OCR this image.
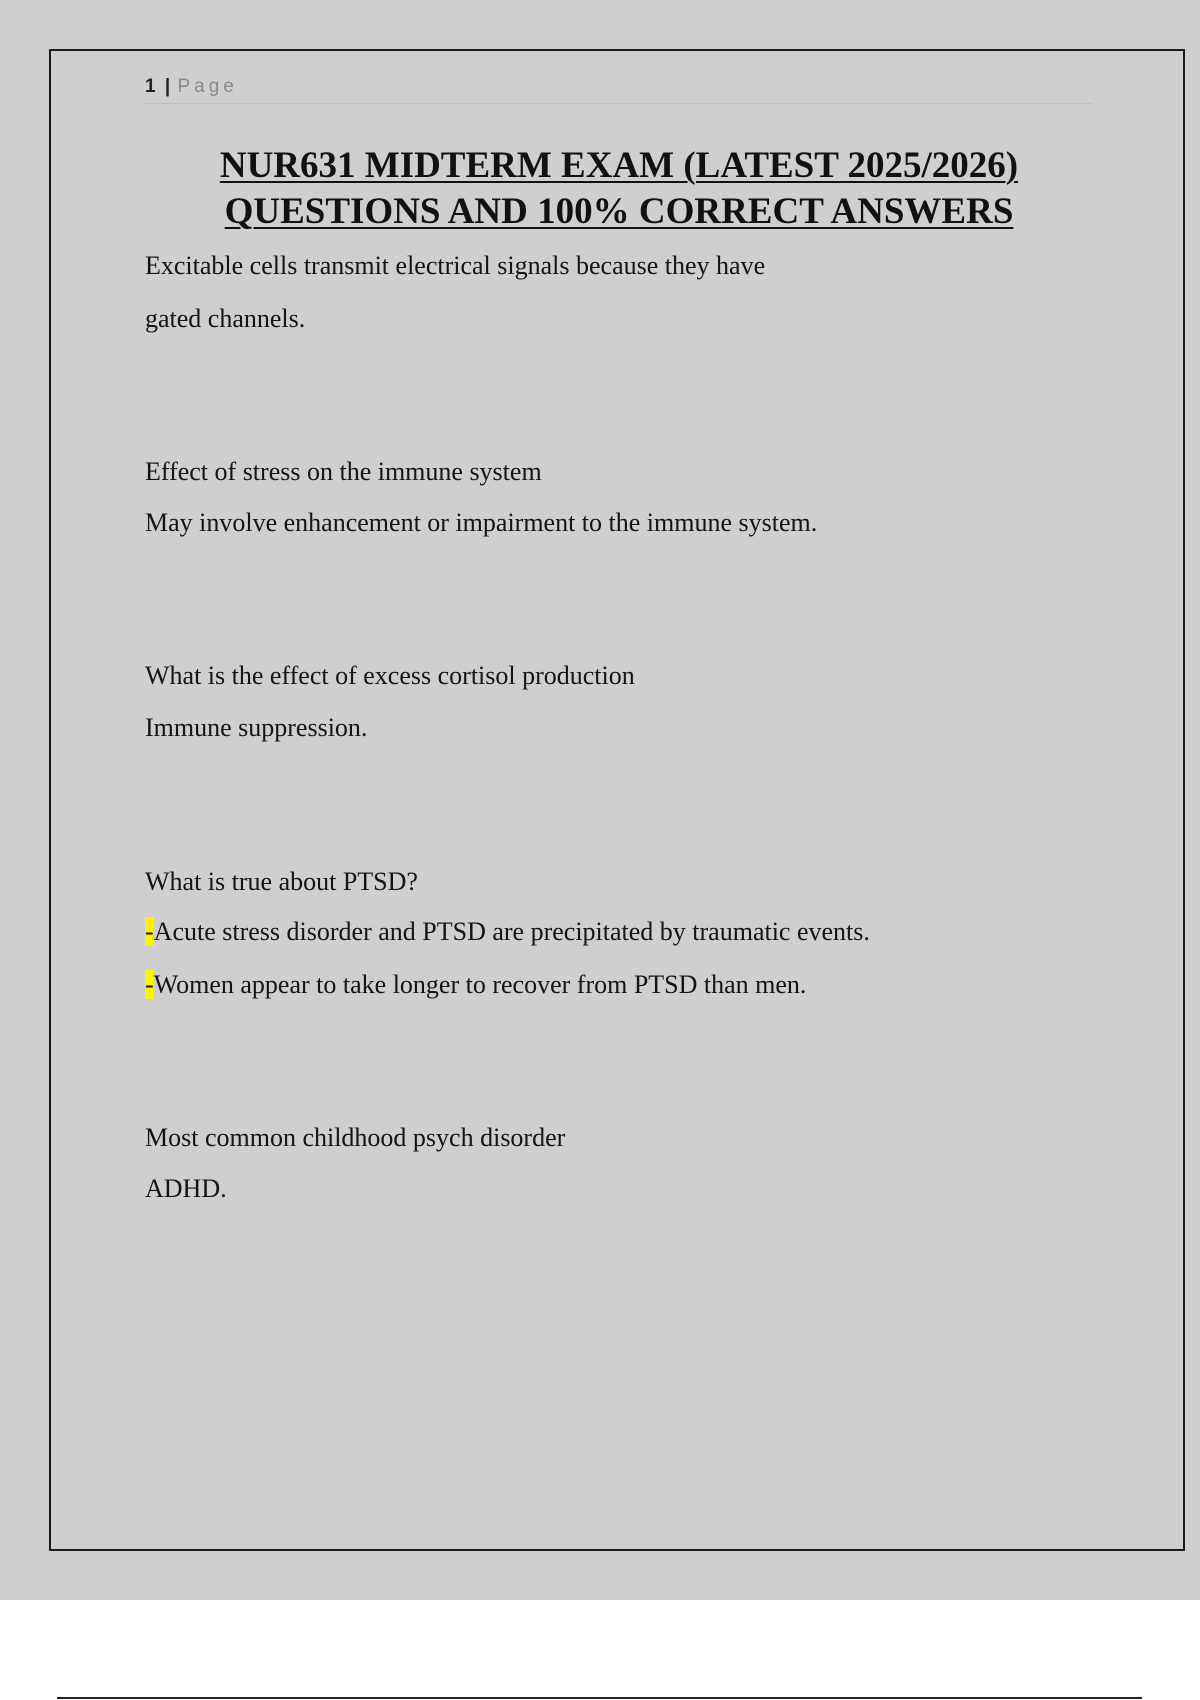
1 | Page
NUR631 MIDTERM EXAM (LATEST 2025/2026)
QUESTIONS AND 100% CORRECT ANSWERS
Excitable cells transmit electrical signals because they have
gated channels.
Effect of stress on the immune system
May involve enhancement or impairment to the immune system.
What is the effect of excess cortisol production
Immune suppression.
What is true about PTSD?
-Acute stress disorder and PTSD are precipitated by traumatic events.
-Women appear to take longer to recover from PTSD than men.
Most common childhood psych disorder
ADHD.
